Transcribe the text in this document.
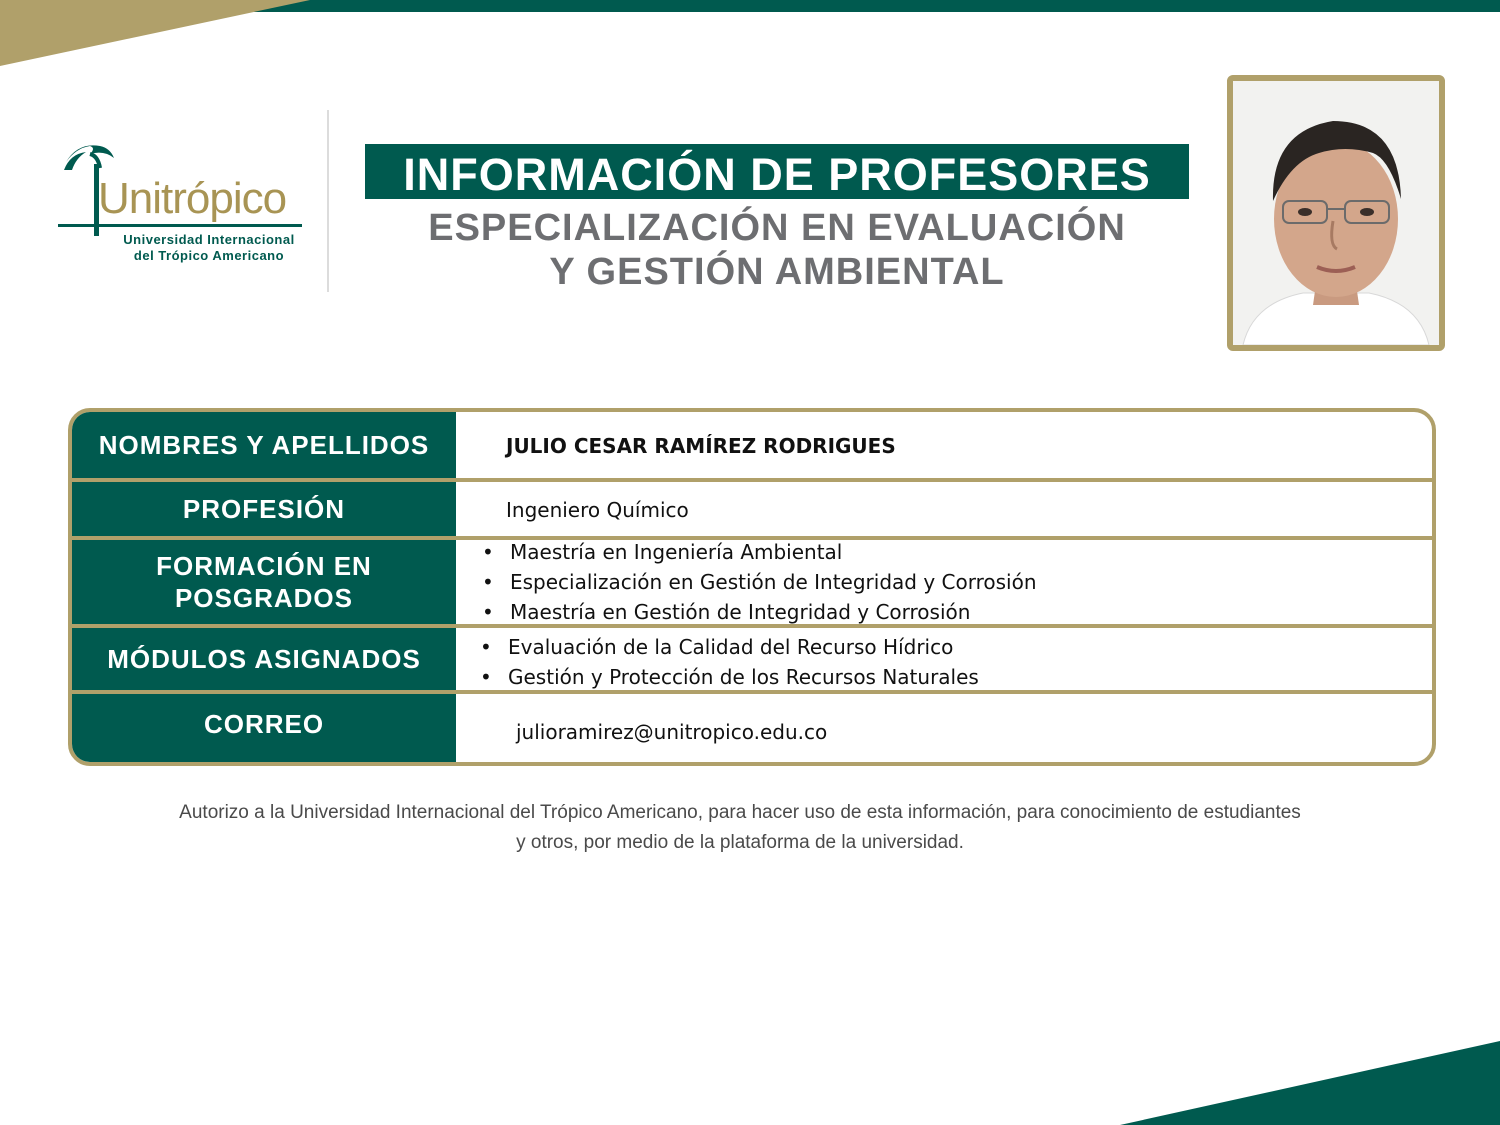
Unitrópico
Universidad Internacional
del Trópico Americano
INFORMACIÓN DE PROFESORES
ESPECIALIZACIÓN EN EVALUACIÓN
Y GESTIÓN AMBIENTAL
NOMBRES Y APELLIDOS	JULIO CESAR RAMÍREZ RODRIGUES
PROFESIÓN	Ingeniero Químico
FORMACIÓN EN
POSGRADOS
• Maestría en Ingeniería Ambiental
• Especialización en Gestión de Integridad y Corrosión
• Maestría en Gestión de Integridad y Corrosión
MÓDULOS ASIGNADOS
•	Evaluación de la Calidad del Recurso Hídrico
• Gestión y Protección de los Recursos Naturales
CORREO	julioramirez@unitropico.edu.co
Autorizo a la Universidad Internacional del Trópico Americano, para hacer uso de esta información, para conocimiento de estudiantes
y otros, por medio de la plataforma de la universidad.
